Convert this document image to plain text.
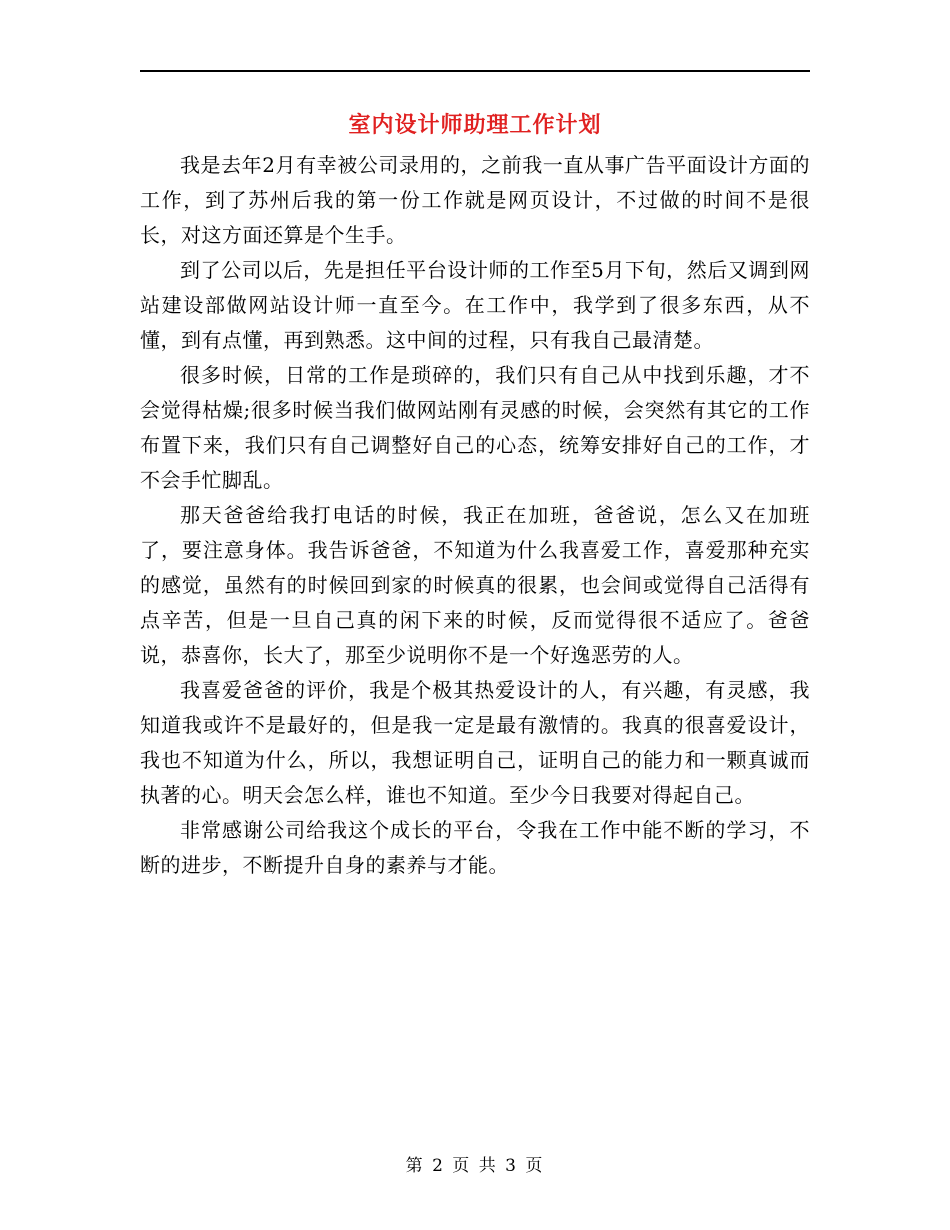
室内设计师助理工作计划

我是去年2月有幸被公司录用的，之前我一直从事广告平面设计方面的工作，到了苏州后我的第一份工作就是网页设计，不过做的时间不是很长，对这方面还算是个生手。

到了公司以后，先是担任平台设计师的工作至5月下旬，然后又调到网站建设部做网站设计师一直至今。在工作中，我学到了很多东西，从不懂，到有点懂，再到熟悉。这中间的过程，只有我自己最清楚。

很多时候，日常的工作是琐碎的，我们只有自己从中找到乐趣，才不会觉得枯燥;很多时候当我们做网站刚有灵感的时候，会突然有其它的工作布置下来，我们只有自己调整好自己的心态，统筹安排好自己的工作，才不会手忙脚乱。

那天爸爸给我打电话的时候，我正在加班，爸爸说，怎么又在加班了，要注意身体。我告诉爸爸，不知道为什么我喜爱工作，喜爱那种充实的感觉，虽然有的时候回到家的时候真的很累，也会间或觉得自己活得有点辛苦，但是一旦自己真的闲下来的时候，反而觉得很不适应了。爸爸说，恭喜你，长大了，那至少说明你不是一个好逸恶劳的人。

我喜爱爸爸的评价，我是个极其热爱设计的人，有兴趣，有灵感，我知道我或许不是最好的，但是我一定是最有激情的。我真的很喜爱设计，我也不知道为什么，所以，我想证明自己，证明自己的能力和一颗真诚而执著的心。明天会怎么样，谁也不知道。至少今日我要对得起自己。

非常感谢公司给我这个成长的平台，令我在工作中能不断的学习，不断的进步，不断提升自身的素养与才能。

第 2 页 共 3 页
